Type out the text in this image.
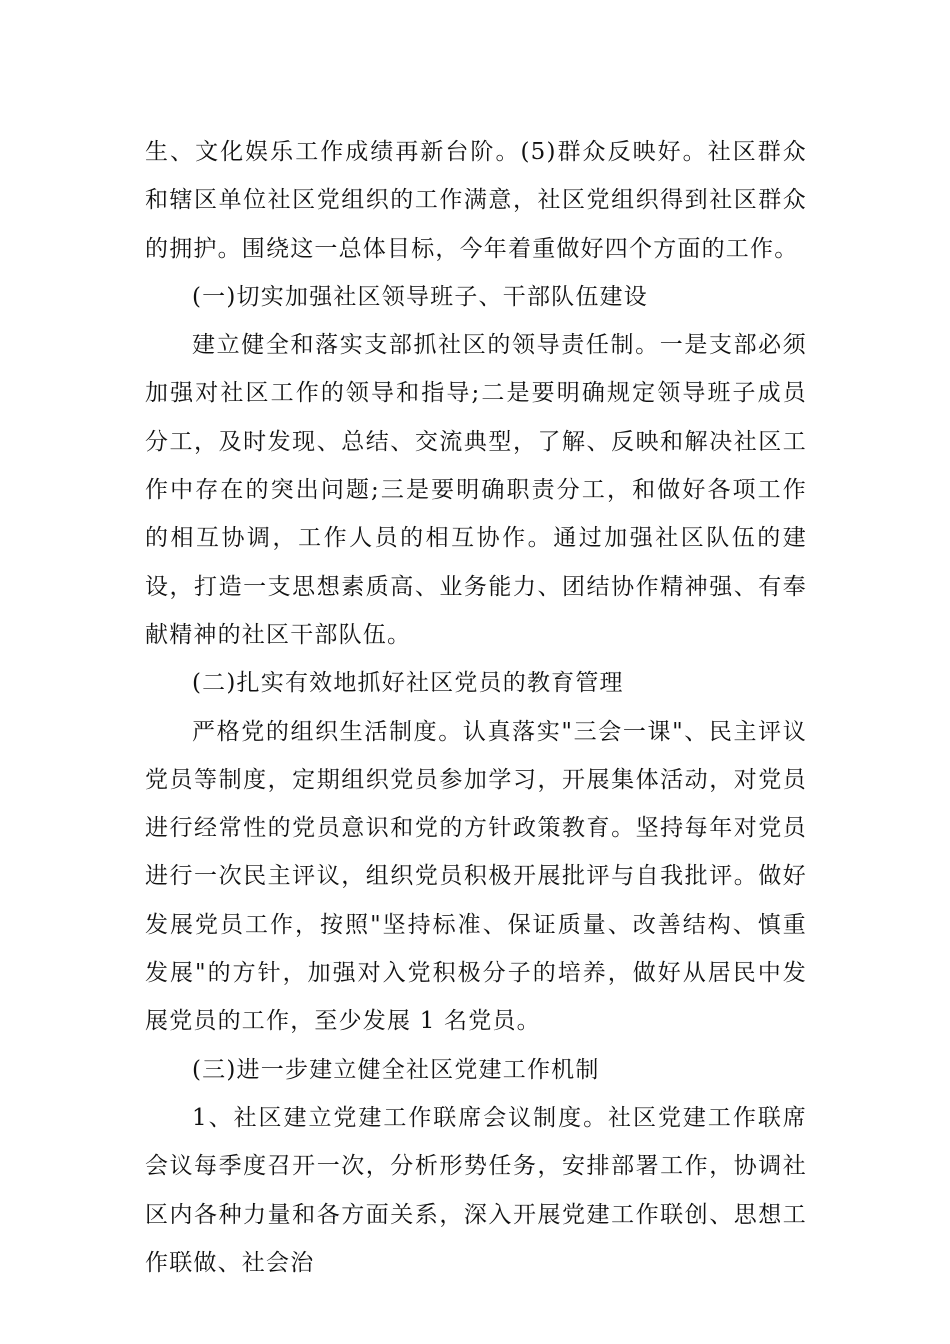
生、文化娱乐工作成绩再新台阶。(5)群众反映好。社区群众和辖区单位社区党组织的工作满意，社区党组织得到社区群众的拥护。围绕这一总体目标，今年着重做好四个方面的工作。

(一)切实加强社区领导班子、干部队伍建设

建立健全和落实支部抓社区的领导责任制。一是支部必须加强对社区工作的领导和指导;二是要明确规定领导班子成员分工，及时发现、总结、交流典型，了解、反映和解决社区工作中存在的突出问题;三是要明确职责分工，和做好各项工作的相互协调，工作人员的相互协作。通过加强社区队伍的建设，打造一支思想素质高、业务能力、团结协作精神强、有奉献精神的社区干部队伍。

(二)扎实有效地抓好社区党员的教育管理

严格党的组织生活制度。认真落实"三会一课"、民主评议党员等制度，定期组织党员参加学习，开展集体活动，对党员进行经常性的党员意识和党的方针政策教育。坚持每年对党员进行一次民主评议，组织党员积极开展批评与自我批评。做好发展党员工作，按照"坚持标准、保证质量、改善结构、慎重发展"的方针，加强对入党积极分子的培养，做好从居民中发展党员的工作，至少发展 1 名党员。

(三)进一步建立健全社区党建工作机制

1、社区建立党建工作联席会议制度。社区党建工作联席会议每季度召开一次，分析形势任务，安排部署工作，协调社区内各种力量和各方面关系，深入开展党建工作联创、思想工作联做、社会治
